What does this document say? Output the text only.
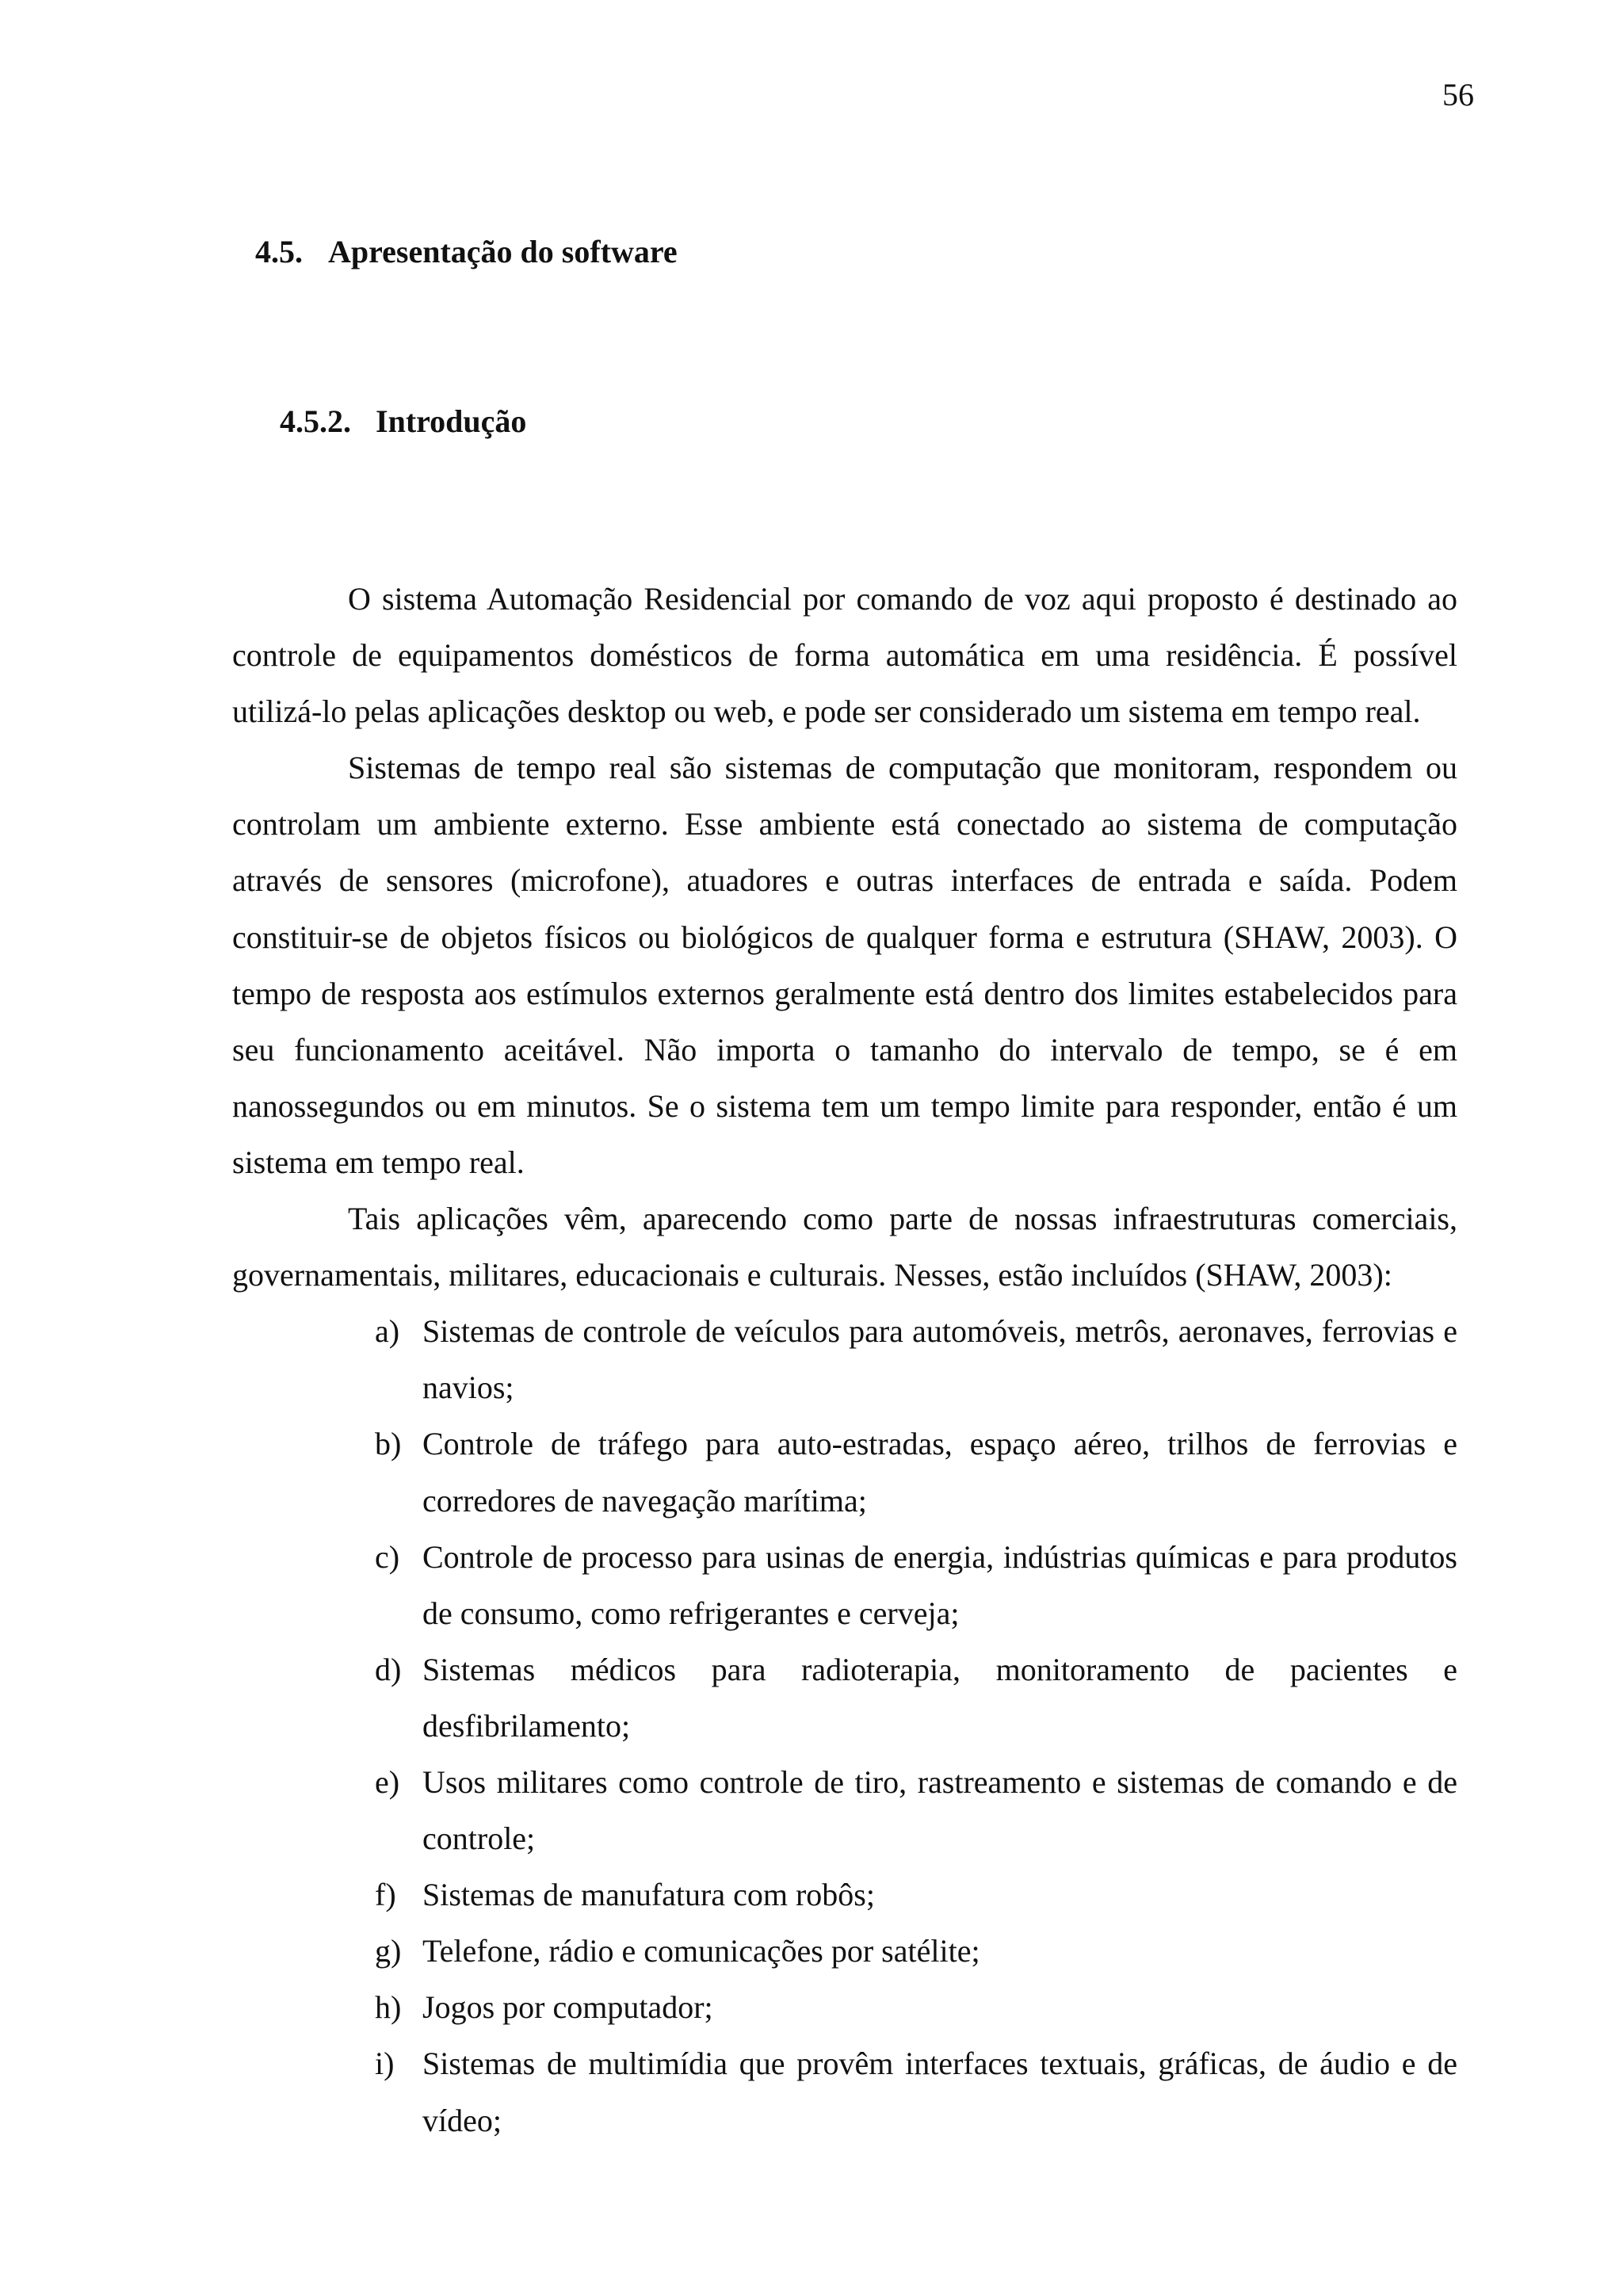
56
4.5. Apresentação do software
4.5.2. Introdução

O sistema Automação Residencial por comando de voz aqui proposto é destinado ao controle de equipamentos domésticos de forma automática em uma residência. É possível utilizá-lo pelas aplicações desktop ou web, e pode ser considerado um sistema em tempo real.

Sistemas de tempo real são sistemas de computação que monitoram, respondem ou controlam um ambiente externo. Esse ambiente está conectado ao sistema de computação através de sensores (microfone), atuadores e outras interfaces de entrada e saída. Podem constituir-se de objetos físicos ou biológicos de qualquer forma e estrutura (SHAW, 2003). O tempo de resposta aos estímulos externos geralmente está dentro dos limites estabelecidos para seu funcionamento aceitável. Não importa o tamanho do intervalo de tempo, se é em nanossegundos ou em minutos. Se o sistema tem um tempo limite para responder, então é um sistema em tempo real.

Tais aplicações vêm, aparecendo como parte de nossas infraestruturas comerciais, governamentais, militares, educacionais e culturais. Nesses, estão incluídos (SHAW, 2003):

a) Sistemas de controle de veículos para automóveis, metrôs, aeronaves, ferrovias e navios;
b) Controle de tráfego para auto-estradas, espaço aéreo, trilhos de ferrovias e corredores de navegação marítima;
c) Controle de processo para usinas de energia, indústrias químicas e para produtos de consumo, como refrigerantes e cerveja;
d) Sistemas médicos para radioterapia, monitoramento de pacientes e desfibrilamento;
e) Usos militares como controle de tiro, rastreamento e sistemas de comando e de controle;
f) Sistemas de manufatura com robôs;
g) Telefone, rádio e comunicações por satélite;
h) Jogos por computador;
i) Sistemas de multimídia que provêm interfaces textuais, gráficas, de áudio e de vídeo;
